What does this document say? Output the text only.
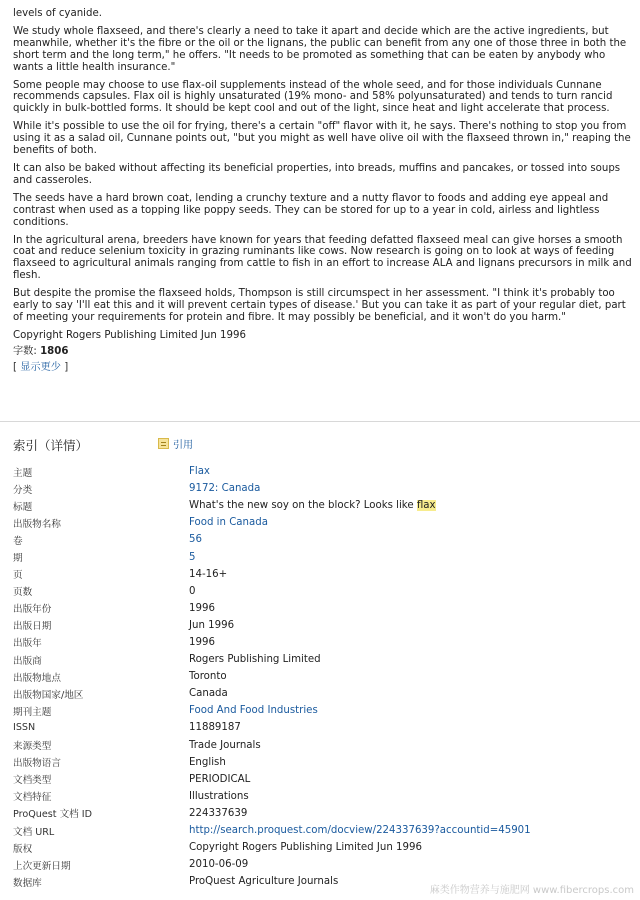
levels of cyanide.

We study whole flaxseed, and there's clearly a need to take it apart and decide which are the active ingredients, but meanwhile, whether it's the fibre or the oil or the lignans, the public can benefit from any one of those three in both the short term and the long term," he offers. "It needs to be promoted as something that can be eaten by anybody who wants a little health insurance."

Some people may choose to use flax-oil supplements instead of the whole seed, and for those individuals Cunnane recommends capsules. Flax oil is highly unsaturated (19% mono- and 58% polyunsaturated) and tends to turn rancid quickly in bulk-bottled forms. It should be kept cool and out of the light, since heat and light accelerate that process.

While it's possible to use the oil for frying, there's a certain "off" flavor with it, he says. There's nothing to stop you from using it as a salad oil, Cunnane points out, "but you might as well have olive oil with the flaxseed thrown in," reaping the benefits of both.

It can also be baked without affecting its beneficial properties, into breads, muffins and pancakes, or tossed into soups and casseroles.

The seeds have a hard brown coat, lending a crunchy texture and a nutty flavor to foods and adding eye appeal and contrast when used as a topping like poppy seeds. They can be stored for up to a year in cold, airless and lightless conditions.

In the agricultural arena, breeders have known for years that feeding defatted flaxseed meal can give horses a smooth coat and reduce selenium toxicity in grazing ruminants like cows. Now research is going on to look at ways of feeding flaxseed to agricultural animals ranging from cattle to fish in an effort to increase ALA and lignans precursors in milk and flesh.

But despite the promise the flaxseed holds, Thompson is still circumspect in her assessment. "I think it's probably too early to say 'I'll eat this and it will prevent certain types of disease.' But you can take it as part of your regular diet, part of meeting your requirements for protein and fibre. It may possibly be beneficial, and it won't do you harm."

Copyright Rogers Publishing Limited Jun 1996
字数: 1806
[ 显示更少 ]
索引（详情）	引用
主题	Flax
分类	9172: Canada
标题	What's the new soy on the block? Looks like flax
出版物名称	Food in Canada
卷	56
期	5
页	14-16+
页数	0
出版年份	1996
出版日期	Jun 1996
出版年	1996
出版商	Rogers Publishing Limited
出版物地点	Toronto
出版物国家/地区	Canada
期刊主题	Food And Food Industries
ISSN	11889187
来源类型	Trade Journals
出版物语言	English
文档类型	PERIODICAL
文档特征	Illustrations
ProQuest 文档 ID	224337639
文档 URL	http://search.proquest.com/docview/224337639?accountid=45901
版权	Copyright Rogers Publishing Limited Jun 1996
上次更新日期	2010-06-09
数据库	ProQuest Agriculture Journals
麻类作物营养与施肥网 www.fibercrops.com
